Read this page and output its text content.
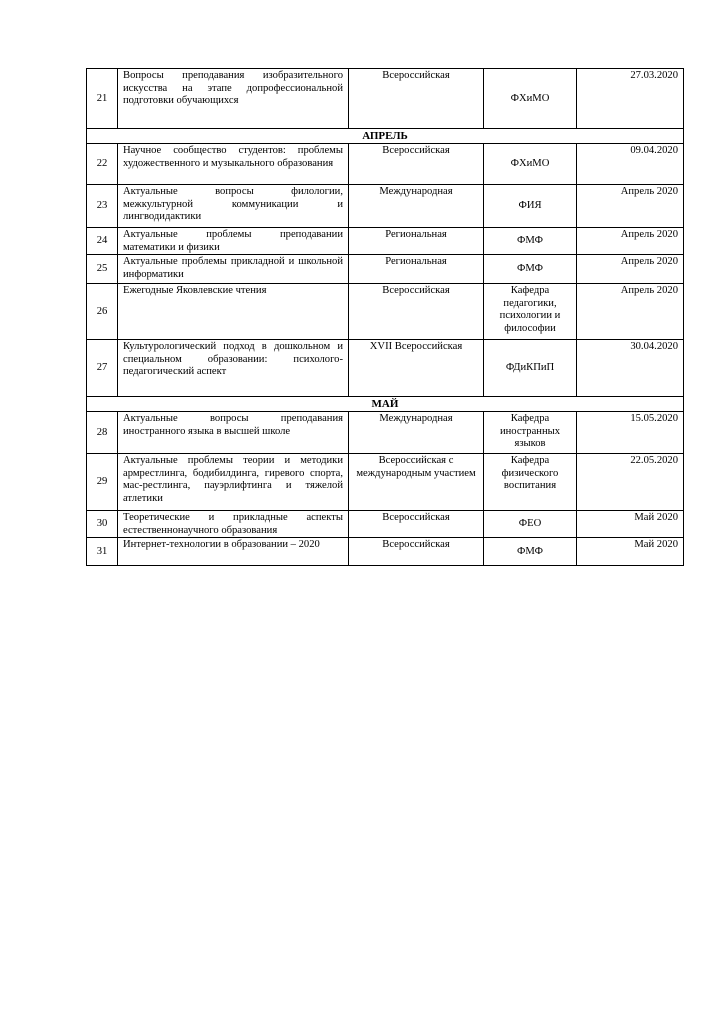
21	Вопросы преподавания изобразительного искусства на этапе допрофессиональной подготовки обучающихся	Всероссийская	ФХиМО	27.03.2020
АПРЕЛЬ				
22	Научное сообщество студентов: проблемы художественного и музыкального образования	Всероссийская	ФХиМО	09.04.2020
23	Актуальные вопросы филологии, межкультурной коммуникации и лингводидактики	Международная	ФИЯ	Апрель 2020
24	Актуальные проблемы преподавании математики и физики	Региональная	ФМФ	Апрель 2020
25	Актуальные проблемы прикладной и школьной информатики	Региональная	ФМФ	Апрель 2020
26	Ежегодные Яковлевские чтения	Всероссийская	Кафедра педагогики, психологии и философии	Апрель 2020
27	Культурологический подход в дошкольном и специальном образовании: психолого-педагогический аспект	XVII Всероссийская	ФДиКПиП	30.04.2020
МАЙ				
28	Актуальные вопросы преподавания иностранного языка в высшей школе	Международная	Кафедра иностранных языков	15.05.2020
29	Актуальные проблемы теории и методики армрестлинга, бодибилдинга, гиревого спорта, мас-рестлинга, пауэрлифтинга и тяжелой атлетики	Всероссийская с международным участием	Кафедра физического воспитания	22.05.2020
30	Теоретические и прикладные аспекты естественнонаучного образования	Всероссийская	ФЕО	Май 2020
31	Интернет-технологии в образовании – 2020	Всероссийская	ФМФ	Май 2020
